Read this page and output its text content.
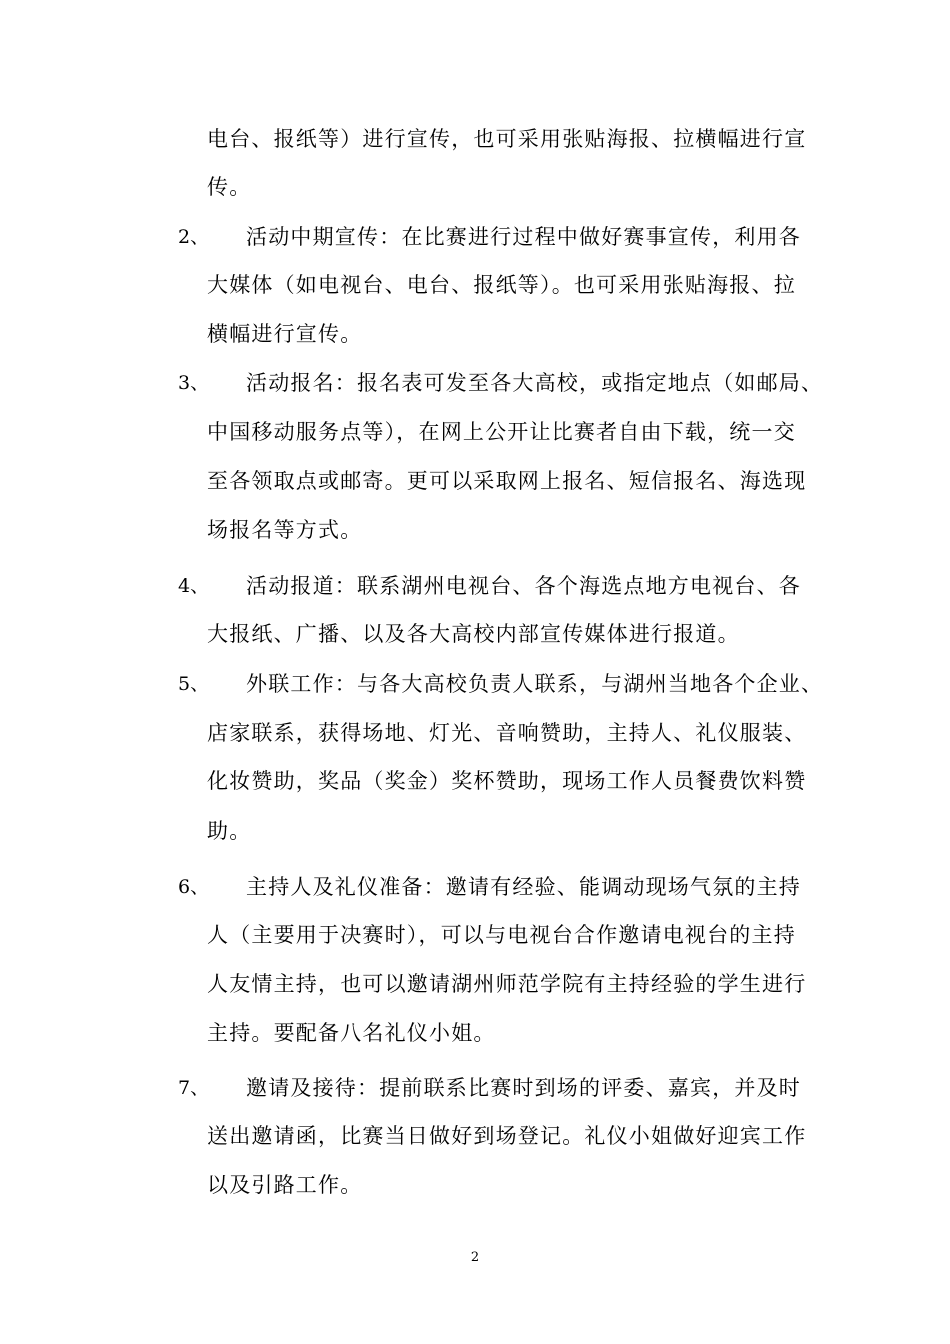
电台、报纸等）进行宣传，也可采用张贴海报、拉横幅进行宣
传。
2、 活动中期宣传：在比赛进行过程中做好赛事宣传，利用各
大媒体（如电视台、电台、报纸等）。也可采用张贴海报、拉
横幅进行宣传。
3、 活动报名：报名表可发至各大高校，或指定地点（如邮局、
中国移动服务点等），在网上公开让比赛者自由下载，统一交
至各领取点或邮寄。更可以采取网上报名、短信报名、海选现
场报名等方式。
4、 活动报道：联系湖州电视台、各个海选点地方电视台、各
大报纸、广播、以及各大高校内部宣传媒体进行报道。
5、 外联工作：与各大高校负责人联系，与湖州当地各个企业、
店家联系，获得场地、灯光、音响赞助，主持人、礼仪服装、
化妆赞助，奖品（奖金）奖杯赞助，现场工作人员餐费饮料赞
助。
6、 主持人及礼仪准备：邀请有经验、能调动现场气氛的主持
人（主要用于决赛时），可以与电视台合作邀请电视台的主持
人友情主持，也可以邀请湖州师范学院有主持经验的学生进行
主持。要配备八名礼仪小姐。
7、 邀请及接待：提前联系比赛时到场的评委、嘉宾，并及时
送出邀请函，比赛当日做好到场登记。礼仪小姐做好迎宾工作
以及引路工作。
2
